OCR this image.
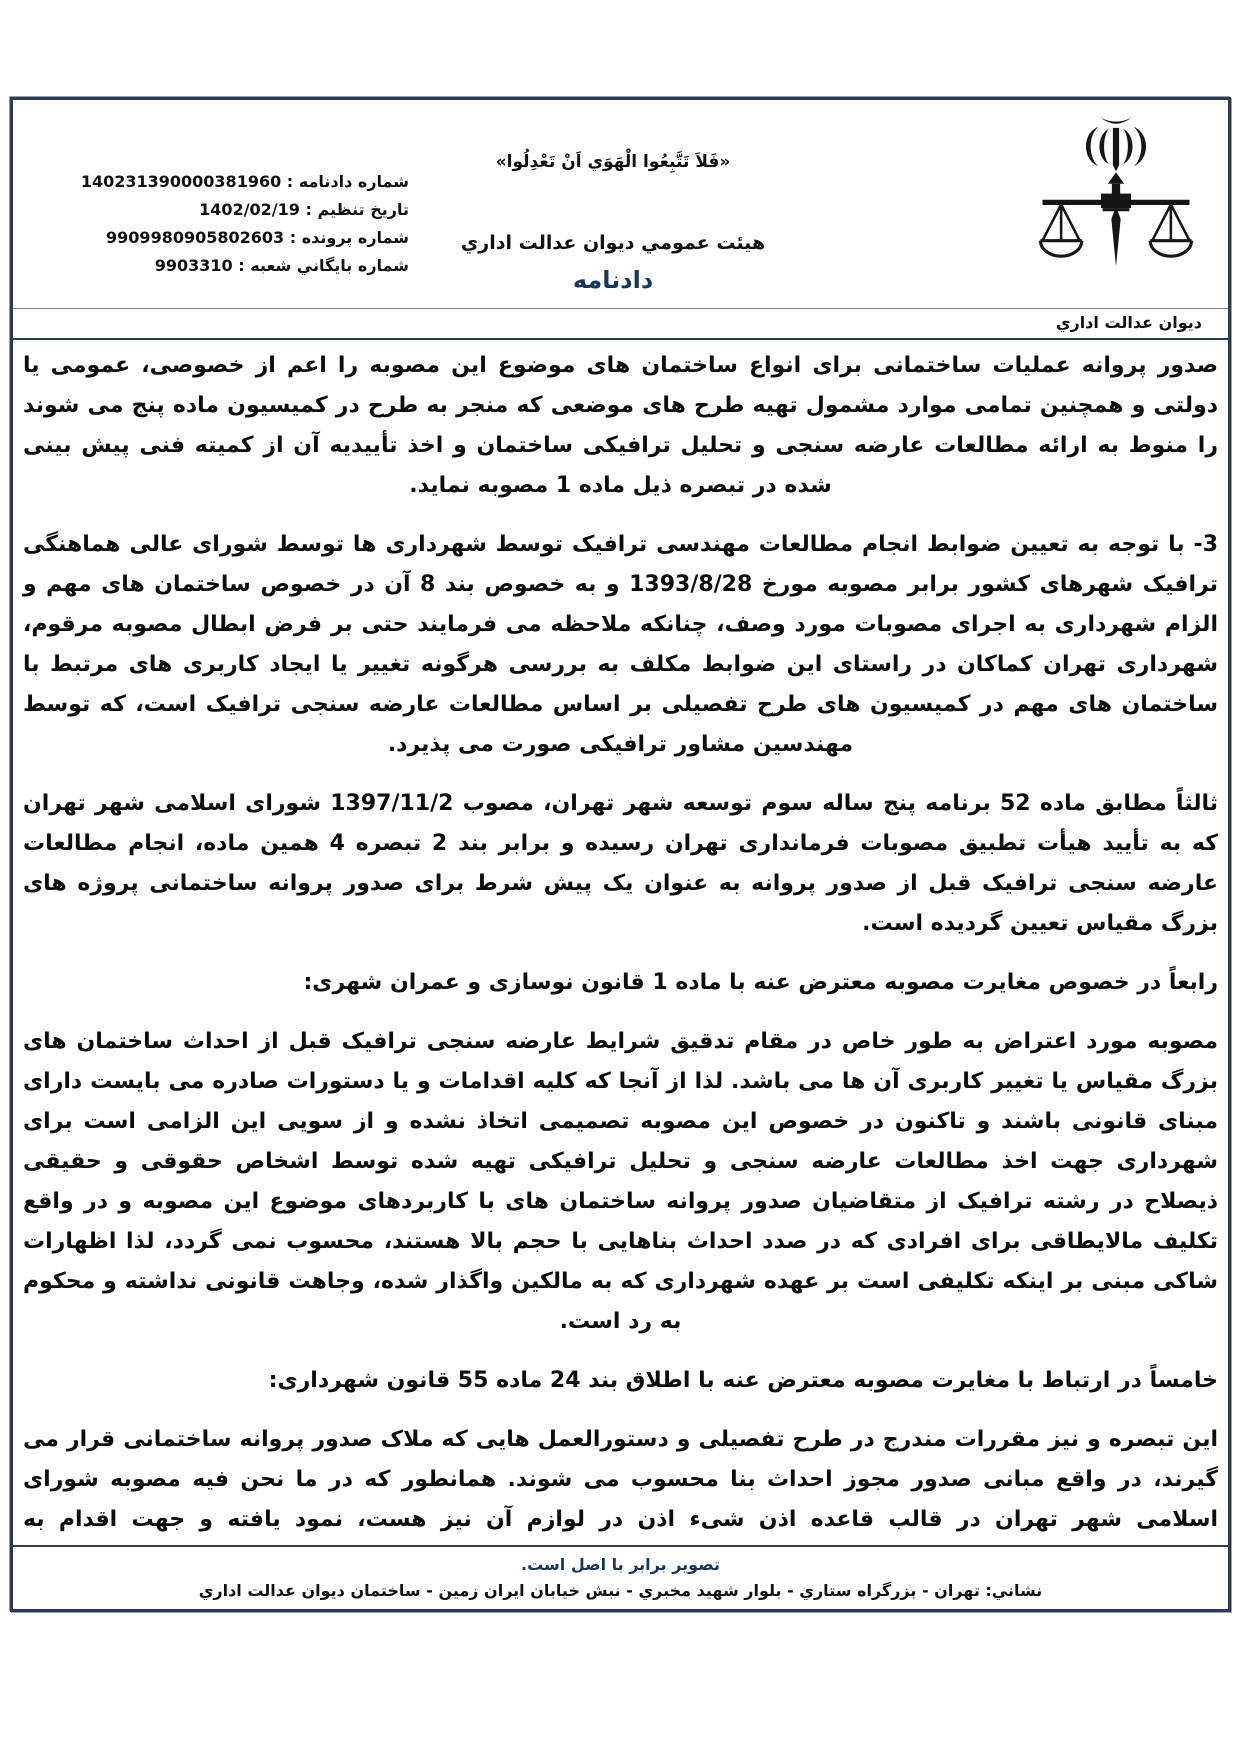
شماره دادنامه : 140231390000381960
تاريخ تنظيم : 1402/02/19
شماره پرونده : 9909980905802603
شماره بايگاني شعبه : 9903310
«فَلاَ تَتَّبِعُوا الْهَوَي اَنْ تَعْدِلُوا»
هيئت عمومي ديوان عدالت اداري
دادنامه
ديوان عدالت اداري

صدور پروانه عملیات ساختمانی برای انواع ساختمان های موضوع این مصوبه را اعم از خصوصی، عمومی یا دولتی و همچنین تمامی موارد مشمول تهیه طرح های موضعی که منجر به طرح در کمیسیون ماده پنج می شوند را منوط به ارائه مطالعات عارضه سنجی و تحلیل ترافیکی ساختمان و اخذ تأییدیه آن از کمیته فنی پیش بینی شده در تبصره ذیل ماده 1 مصوبه نماید.

3- با توجه به تعیین ضوابط انجام مطالعات مهندسی ترافیک توسط شهرداری ها توسط شورای عالی هماهنگی ترافیک شهرهای کشور برابر مصوبه مورخ 1393/8/28 و به خصوص بند 8 آن در خصوص ساختمان های مهم و الزام شهرداری به اجرای مصوبات مورد وصف، چنانکه ملاحظه می فرمایند حتی بر فرض ابطال مصوبه مرقوم، شهرداری تهران کماکان در راستای این ضوابط مکلف به بررسی هرگونه تغییر یا ایجاد کاربری های مرتبط با ساختمان های مهم در کمیسیون های طرح تفصیلی بر اساس مطالعات عارضه سنجی ترافیک است، که توسط مهندسین مشاور ترافیکی صورت می پذیرد.

ثالثاً مطابق ماده 52 برنامه پنج ساله سوم توسعه شهر تهران، مصوب 1397/11/2 شورای اسلامی شهر تهران که به تأیید هیأت تطبیق مصوبات فرمانداری تهران رسیده و برابر بند 2 تبصره 4 همین ماده، انجام مطالعات عارضه سنجی ترافیک قبل از صدور پروانه به عنوان یک پیش شرط برای صدور پروانه ساختمانی پروژه های بزرگ مقیاس تعیین گردیده است.

رابعاً در خصوص مغایرت مصوبه معترض عنه با ماده 1 قانون نوسازی و عمران شهری:

مصوبه مورد اعتراض به طور خاص در مقام تدقیق شرایط عارضه سنجی ترافیک قبل از احداث ساختمان های بزرگ مقیاس یا تغییر کاربری آن ها می باشد. لذا از آنجا که کلیه اقدامات و یا دستورات صادره می بایست دارای مبنای قانونی باشند و تاکنون در خصوص این مصوبه تصمیمی اتخاذ نشده و از سویی این الزامی است برای شهرداری جهت اخذ مطالعات عارضه سنجی و تحلیل ترافیکی تهیه شده توسط اشخاص حقوقی و حقیقی ذیصلاح در رشته ترافیک از متقاضیان صدور پروانه ساختمان های با کاربردهای موضوع این مصوبه و در واقع تکلیف مالایطاقی برای افرادی که در صدد احداث بناهایی با حجم بالا هستند، محسوب نمی گردد، لذا اظهارات شاکی مبنی بر اینکه تکلیفی است بر عهده شهرداری که به مالکین واگذار شده، وجاهت قانونی نداشته و محکوم به رد است.

خامساً در ارتباط با مغایرت مصوبه معترض عنه با اطلاق بند 24 ماده 55 قانون شهرداری:

این تبصره و نیز مقررات مندرج در طرح تفصیلی و دستورالعمل هایی که ملاک صدور پروانه ساختمانی قرار می گیرند، در واقع مبانی صدور مجوز احداث بنا محسوب می شوند. همانطور که در ما نحن فیه مصوبه شورای اسلامی شهر تهران در قالب قاعده اذن شیء اذن در لوازم آن نیز هست، نمود یافته و جهت اقدام به

تصویر برابر با اصل است.
نشاني: تهران - بزرگراه ستاري - بلوار شهید مخبري - نبش خیابان ایران زمین - ساختمان دیوان عدالت اداري
